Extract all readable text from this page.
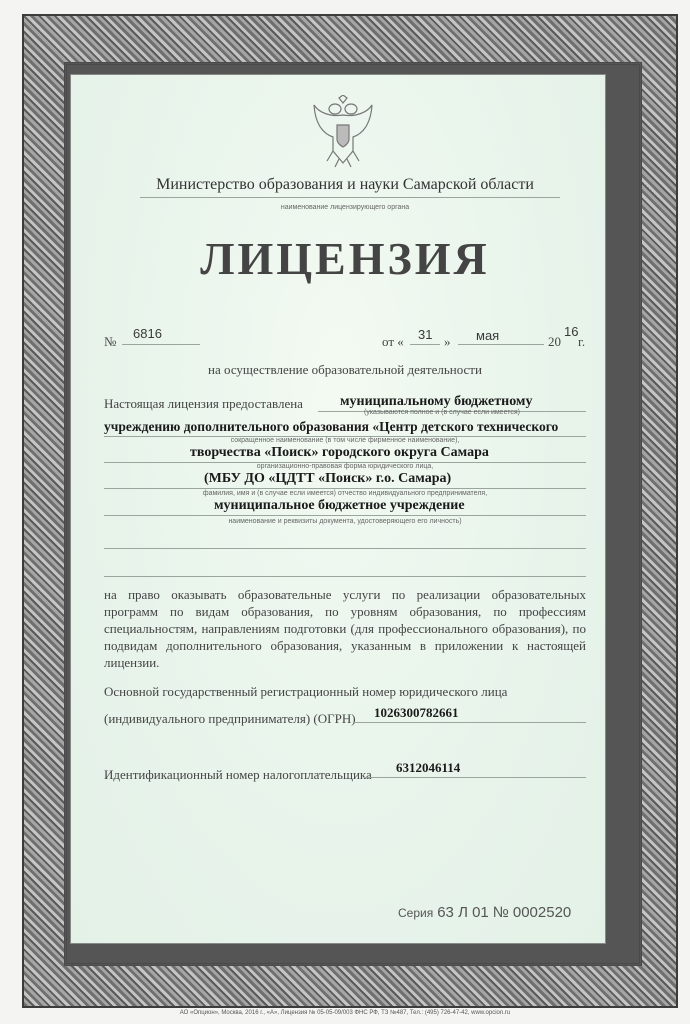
Министерство образования и науки Самарской области
наименование лицензирующего органа
ЛИЦЕНЗИЯ
№
6816
от « 31 » мая	20
16
г.
на осуществление образовательной деятельности
Настоящая лицензия предоставлена	муниципальному бюджетному
(указываются полное и (в случае если имеется)
учреждению дополнительного образования «Центр детского технического
сокращенное наименование (в том числе фирменное наименование),
творчества «Поиск» городского округа Самара
организационно-правовая форма юридического лица,
(МБУ ДО «ЦДТТ «Поиск» г.о. Самара)
фамилия, имя и (в случае если имеется) отчество индивидуального предпринимателя,
муниципальное бюджетное учреждение
наименование и реквизиты документа, удостоверяющего его личность)
на право оказывать образовательные услуги по реализации образовательных программ по видам образования, по уровням образования, по профессиям специальностям, направлениям подготовки (для профессионального образования), по подвидам дополнительного образования, указанным в приложении к настоящей лицензии.
Основной государственный регистрационный номер юридического лица
(индивидуального предпринимателя) (ОГРН) 1026300782661
Идентификационный номер налогоплательщика 6312046114
Серия 63 Л 01 № 0002520
АО «Опцион», Москва, 2016 г., «А», Лицензия № 05-05-09/003 ФНС РФ, ТЗ №487, Тел.: (495) 726-47-42, www.opcion.ru
